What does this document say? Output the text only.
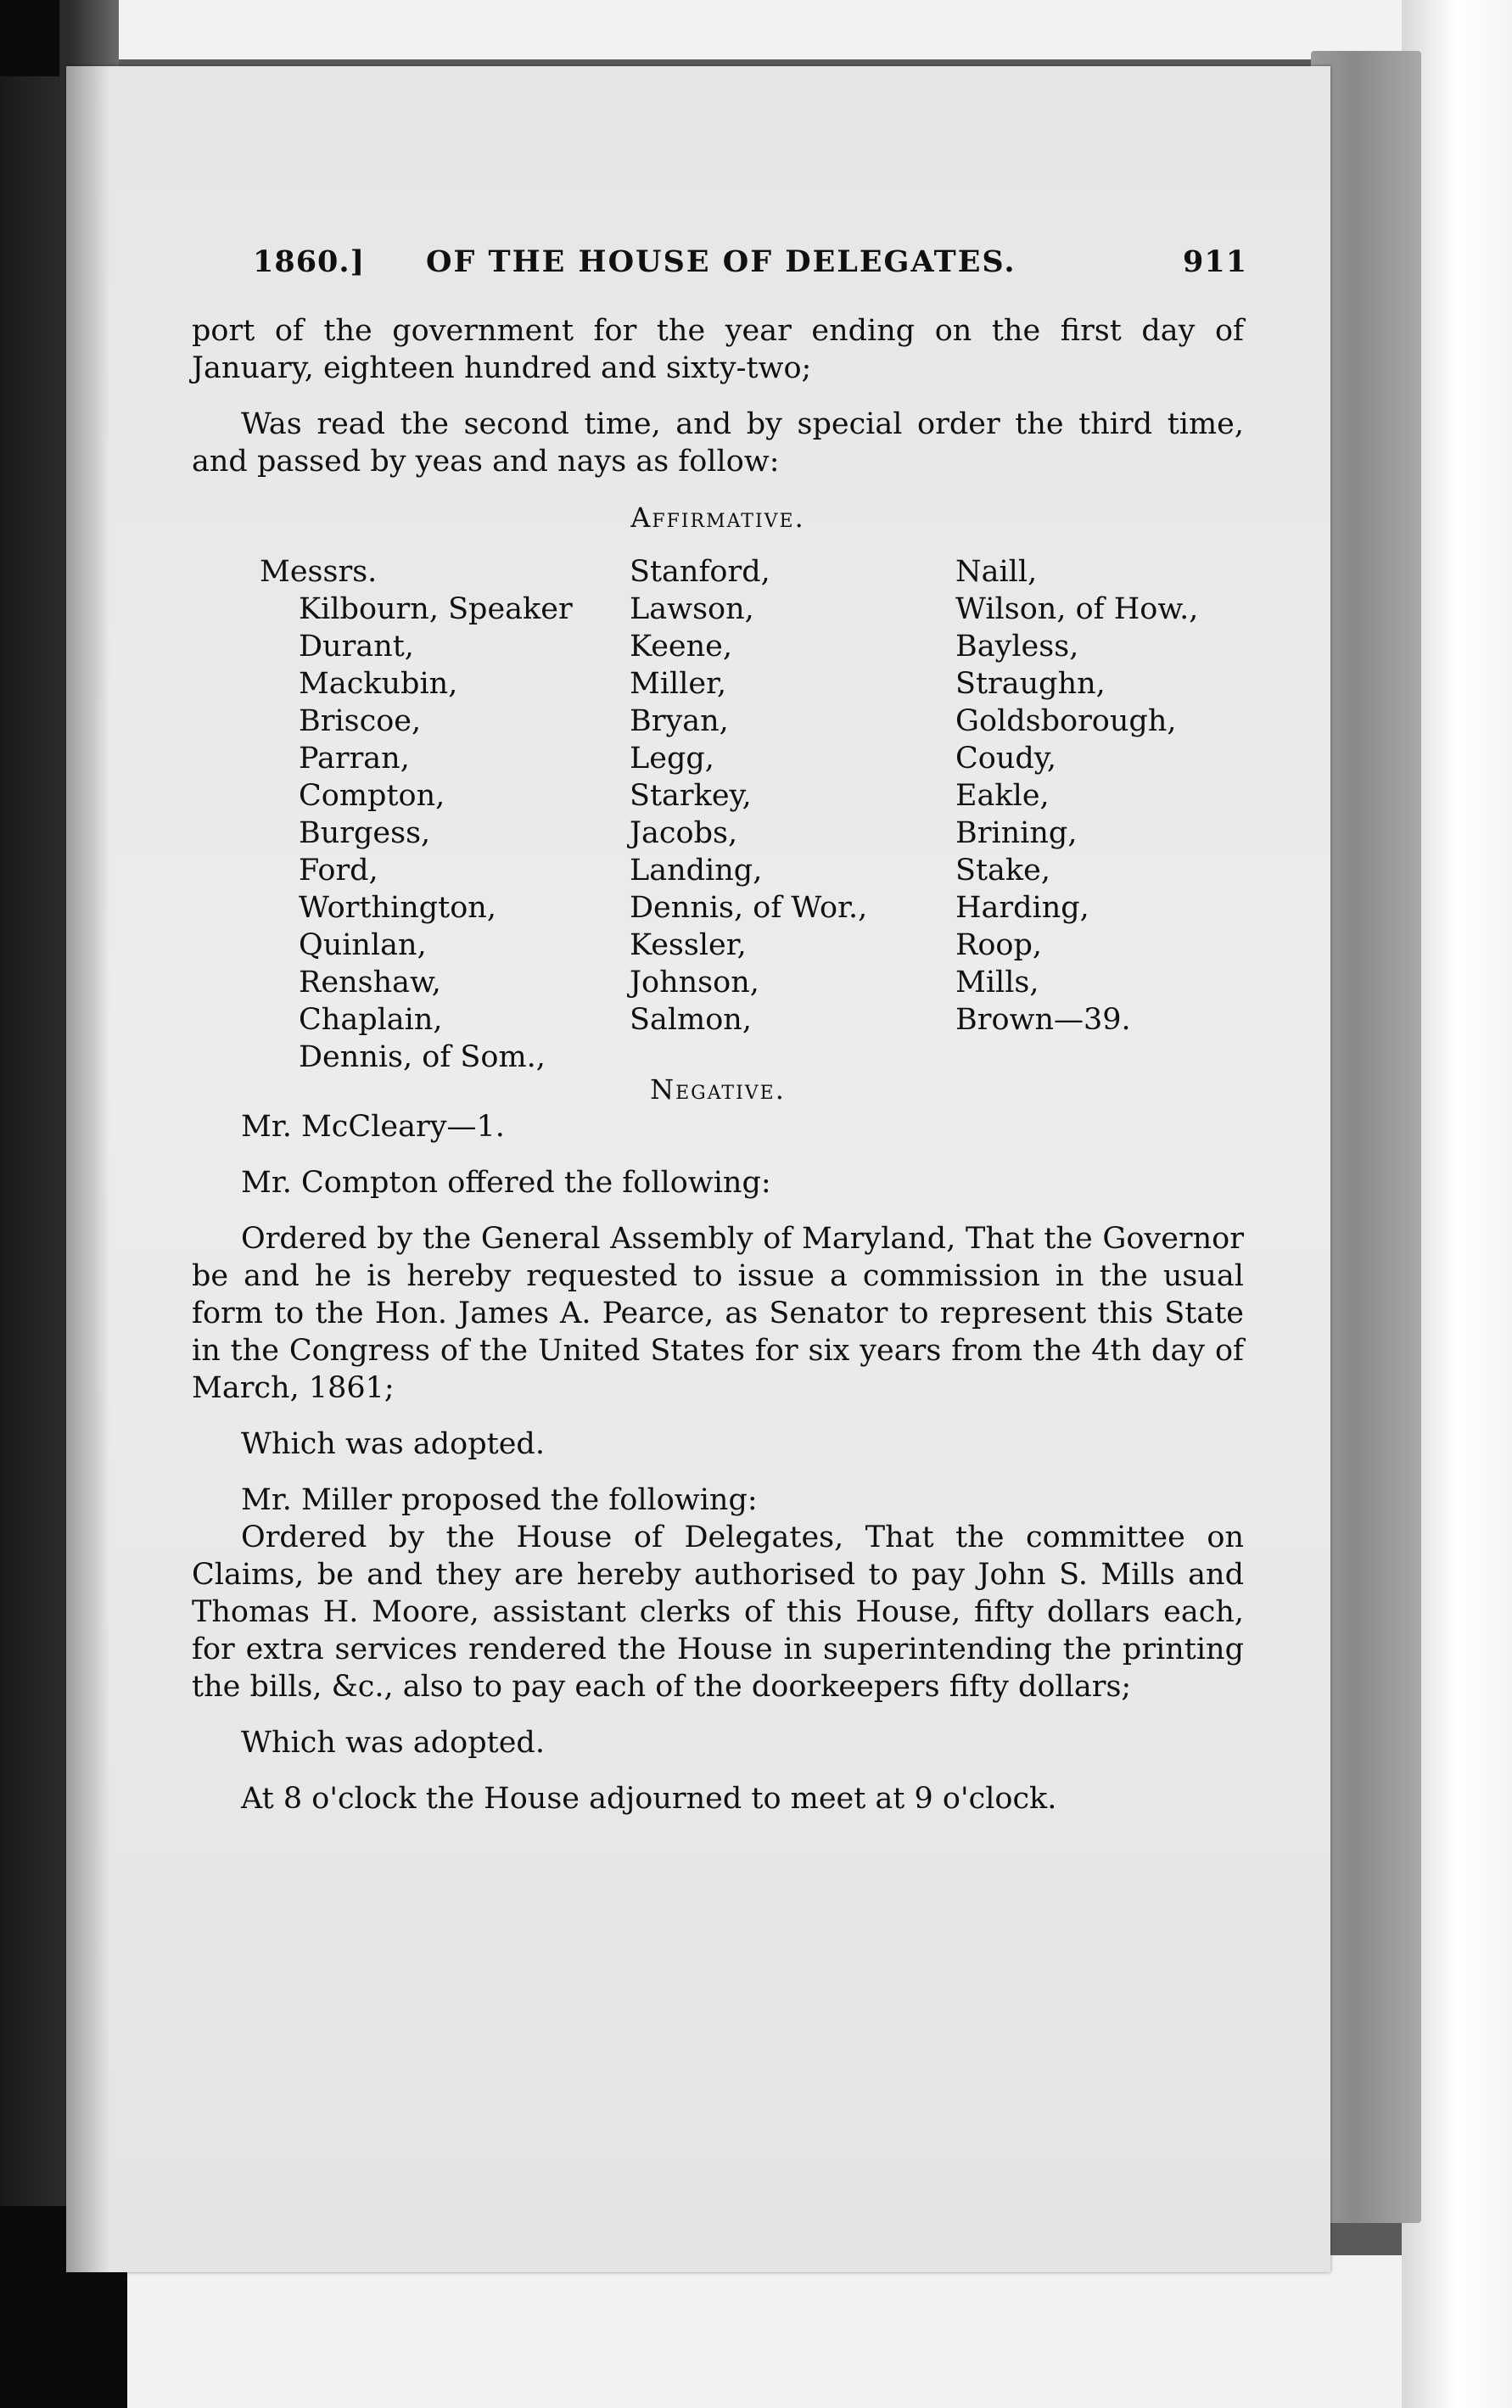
1860.] OF THE HOUSE OF DELEGATES.	911

port of the government for the year ending on the first day of January, eighteen hundred and sixty-two;

Was read the second time, and by special order the third time, and passed by yeas and nays as follow:

Affirmative.
Messrs.
Kilbourn, Speaker
Durant,
Mackubin,
Briscoe,
Parran,
Compton,
Burgess,
Ford,
Worthington,
Quinlan,
Renshaw,
Chaplain,
Dennis, of Som.,
Stanford,
Lawson,
Keene,
Miller,
Bryan,
Legg,
Starkey,
Jacobs,
Landing,
Dennis, of Wor.,
Kessler,
Johnson,
Salmon,
Naill,
Wilson, of How.,
Bayless,
Straughn,
Goldsborough,
Coudy,
Eakle,
Brining,
Stake,
Harding,
Roop,
Mills,
Brown—39.
Negative.

Mr. McCleary—1.

Mr. Compton offered the following:

Ordered by the General Assembly of Maryland, That the Governor be and he is hereby requested to issue a commission in the usual form to the Hon. James A. Pearce, as Senator to represent this State in the Congress of the United States for six years from the 4th day of March, 1861;

Which was adopted.

Mr. Miller proposed the following:

Ordered by the House of Delegates, That the committee on Claims, be and they are hereby authorised to pay John S. Mills and Thomas H. Moore, assistant clerks of this House, fifty dollars each, for extra services rendered the House in superintending the printing the bills, &c., also to pay each of the doorkeepers fifty dollars;

Which was adopted.

At 8 o'clock the House adjourned to meet at 9 o'clock.
